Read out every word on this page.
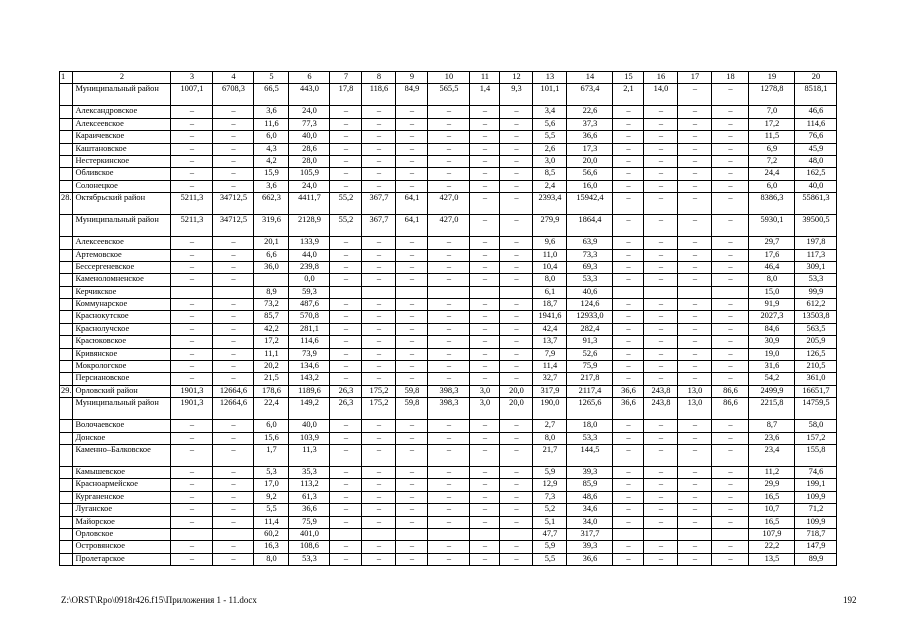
1	2	3	4	5	6	7	8	9	10	11	12	13	14	15	16	17	18	19	20
	Муниципальный район	1007,1	6708,3	66,5	443,0	17,8	118,6	84,9	565,5	1,4	9,3	101,1	673,4	2,1	14,0	–	–	1278,8	8518,1
	Александровское	–	–	3,6	24,0	–	–	–	–	–	–	3,4	22,6	–	–	–	–	7,0	46,6
	Алексеевское	–	–	11,6	77,3	–	–	–	–	–	–	5,6	37,3	–	–	–	–	17,2	114,6
	Караичевское	–	–	6,0	40,0	–	–	–	–	–	–	5,5	36,6	–	–	–	–	11,5	76,6
	Каштановское	–	–	4,3	28,6	–	–	–	–	–	–	2,6	17,3	–	–	–	–	6,9	45,9
	Нестеркинское	–	–	4,2	28,0	–	–	–	–	–	–	3,0	20,0	–	–	–	–	7,2	48,0
	Обливское	–	–	15,9	105,9	–	–	–	–	–	–	8,5	56,6	–	–	–	–	24,4	162,5
	Солонецкое	–	–	3,6	24,0	–	–	–	–	–	–	2,4	16,0	–	–	–	–	6,0	40,0
28.	Октябрьский район	5211,3	34712,5	662,3	4411,7	55,2	367,7	64,1	427,0	–	–	2393,4	15942,4	–	–	–	–	8386,3	55861,3
	Муниципальный район	5211,3	34712,5	319,6	2128,9	55,2	367,7	64,1	427,0	–	–	279,9	1864,4	–	–	–	–	5930,1	39500,5
	Алексеевское	–	–	20,1	133,9	–	–	–	–	–	–	9,6	63,9	–	–	–	–	29,7	197,8
	Артемовское	–	–	6,6	44,0	–	–	–	–	–	–	11,0	73,3	–	–	–	–	17,6	117,3
	Бессергеневское	–	–	36,0	239,8	–	–	–	–	–	–	10,4	69,3	–	–	–	–	46,4	309,1
	Каменоломненское	–	–		0,0	–	–	–	–	–	–	8,0	53,3	–	–	–	–	8,0	53,3
	Керчикское			8,9	59,3							6,1	40,6					15,0	99,9
	Коммунарское	–	–	73,2	487,6	–	–	–	–	–	–	18,7	124,6	–	–	–	–	91,9	612,2
	Краснокутское	–	–	85,7	570,8	–	–	–	–	–	–	1941,6	12933,0	–	–	–	–	2027,3	13503,8
	Краснолучское	–	–	42,2	281,1	–	–	–	–	–	–	42,4	282,4	–	–	–	–	84,6	563,5
	Красюковское	–	–	17,2	114,6	–	–	–	–	–	–	13,7	91,3	–	–	–	–	30,9	205,9
	Кривянское	–	–	11,1	73,9	–	–	–	–	–	–	7,9	52,6	–	–	–	–	19,0	126,5
	Мокрологское	–	–	20,2	134,6	–	–	–	–	–	–	11,4	75,9	–	–	–	–	31,6	210,5
	Персиановское	–	–	21,5	143,2	–	–	–	–	–	–	32,7	217,8	–	–	–	–	54,2	361,0
29.	Орловский район	1901,3	12664,6	178,6	1189,6	26,3	175,2	59,8	398,3	3,0	20,0	317,9	2117,4	36,6	243,8	13,0	86,6	2499,9	16651,7
	Муниципальный район	1901,3	12664,6	22,4	149,2	26,3	175,2	59,8	398,3	3,0	20,0	190,0	1265,6	36,6	243,8	13,0	86,6	2215,8	14759,5
	Волочаевское	–	–	6,0	40,0	–	–	–	–	–	–	2,7	18,0	–	–	–	–	8,7	58,0
	Донское	–	–	15,6	103,9	–	–	–	–	–	–	8,0	53,3	–	–	–	–	23,6	157,2
	Каменно–Балковское	–	–	1,7	11,3	–	–	–	–	–	–	21,7	144,5	–	–	–	–	23,4	155,8
	Камышевское	–	–	5,3	35,3	–	–	–	–	–	–	5,9	39,3	–	–	–	–	11,2	74,6
	Красноармейское	–	–	17,0	113,2	–	–	–	–	–	–	12,9	85,9	–	–	–	–	29,9	199,1
	Курганенское	–	–	9,2	61,3	–	–	–	–	–	–	7,3	48,6	–	–	–	–	16,5	109,9
	Луганское	–	–	5,5	36,6	–	–	–	–	–	–	5,2	34,6	–	–	–	–	10,7	71,2
	Майорское	–	–	11,4	75,9	–	–	–	–	–	–	5,1	34,0	–	–	–	–	16,5	109,9
	Орловское			60,2	401,0							47,7	317,7					107,9	718,7
	Островянское	–	–	16,3	108,6	–	–	–	–	–	–	5,9	39,3	–	–	–	–	22,2	147,9
	Пролетарское	–	–	8,0	53,3	–	–	–	–	–	–	5,5	36,6	–	–	–	–	13,5	89,9
Z:\ORST\Rpo\0918r426.f15\Приложения 1 - 11.docx	192
